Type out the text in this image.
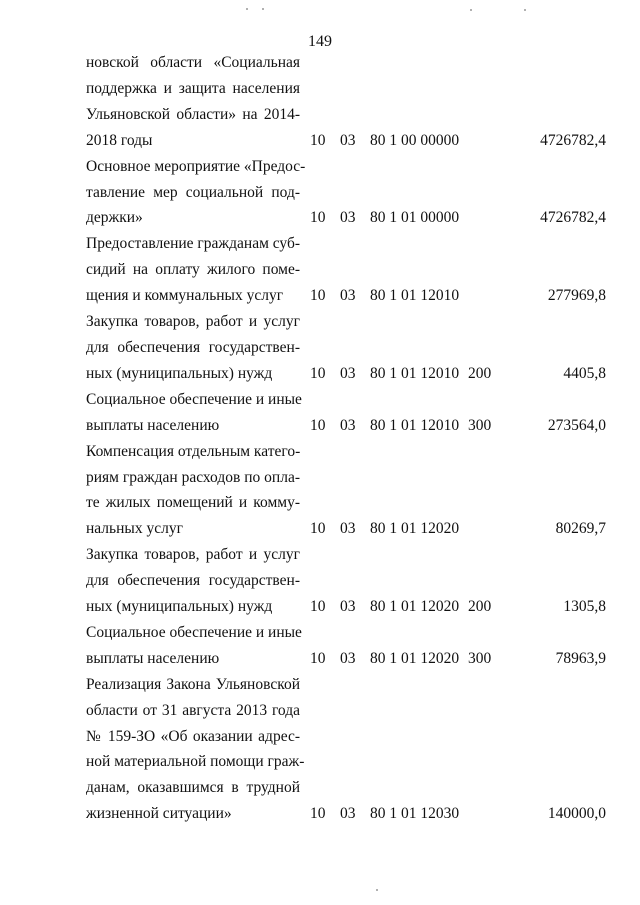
149
новской области «Социальная
поддержка и защита населения
Ульяновской области» на 2014-
2018 годы	10 03 80 1 00 00000	4726782,4
Основное мероприятие «Предос-
тавление мер социальной под-
держки»	10 03 80 1 01 00000	4726782,4
Предоставление гражданам суб-
сидий на оплату жилого поме-
щения и коммунальных услуг	10 03 80 1 01 12010	277969,8
Закупка товаров, работ и услуг
для обеспечения государствен-
ных (муниципальных) нужд	10 03 80 1 01 12010 200	4405,8
Социальное обеспечение и иные
выплаты населению	10 03 80 1 01 12010 300	273564,0
Компенсация отдельным катего-
риям граждан расходов по опла-
те жилых помещений и комму-
нальных услуг	10 03 80 1 01 12020	80269,7
Закупка товаров, работ и услуг
для обеспечения государствен-
ных (муниципальных) нужд	10 03 80 1 01 12020 200	1305,8
Социальное обеспечение и иные
выплаты населению	10 03 80 1 01 12020 300	78963,9
Реализация Закона Ульяновской
области от 31 августа 2013 года
№ 159-ЗО «Об оказании адрес-
ной материальной помощи граж-
данам, оказавшимся в трудной
жизненной ситуации»	10 03 80 1 01 12030	140000,0
